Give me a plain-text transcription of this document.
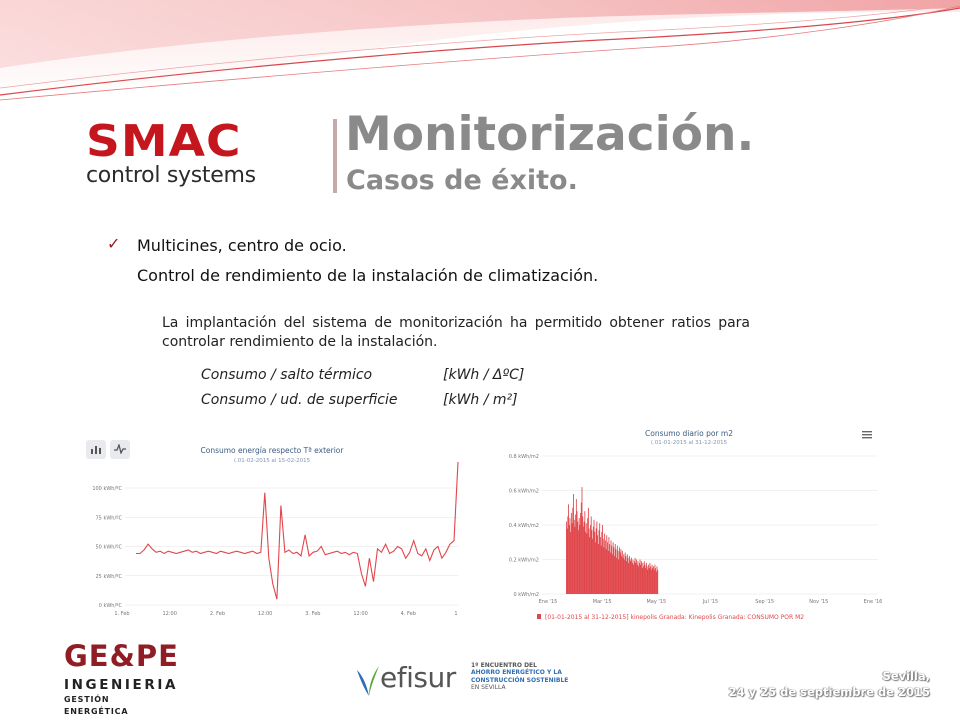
SMAC
control systems
Monitorización.
Casos de éxito.
✓ Multicines, centro de ocio.
Control de rendimiento de la instalación de climatización.
La implantación del sistema de monitorización ha permitido obtener ratios para controlar rendimiento de la instalación.
Consumo / salto térmico	[kWh / ΔºC]
Consumo / ud. de superficie	[kWh / m²]
Consumo energía respecto Tª exterior
(.01-02-2015 al 15-02-2015
100 kWh/ºC
75 kWh/ºC
50 kWh/ºC
25 kWh/ºC
0 kWh/ºC
1. Feb	12:00	2. Feb	12:00	3. Feb	12:00	4. Feb	1
Consumo diario por m2
(.01-01-2015 al 31-12-2015
0.8 kWh/m2
0.6 kWh/m2
0.4 kWh/m2
0.2 kWh/m2
0 kWh/m2
Ene '15	Mar '15	May '15	Jul '15	Sep '15	Nov '15	Ene '16
[01-01-2015 al 31-12-2015] kinepolis Granada: Kinepolis Granada: CONSUMO POR M2
GE&PE
INGENIERIA
GESTIÓN ENERGÉTICA
efisur	1º ENCUENTRO DEL
AHORRO ENERGÉTICO Y LA
CONSTRUCCIÓN SOSTENIBLE
EN SEVILLA
Sevilla,
24 y 25 de septiembre de 2015
